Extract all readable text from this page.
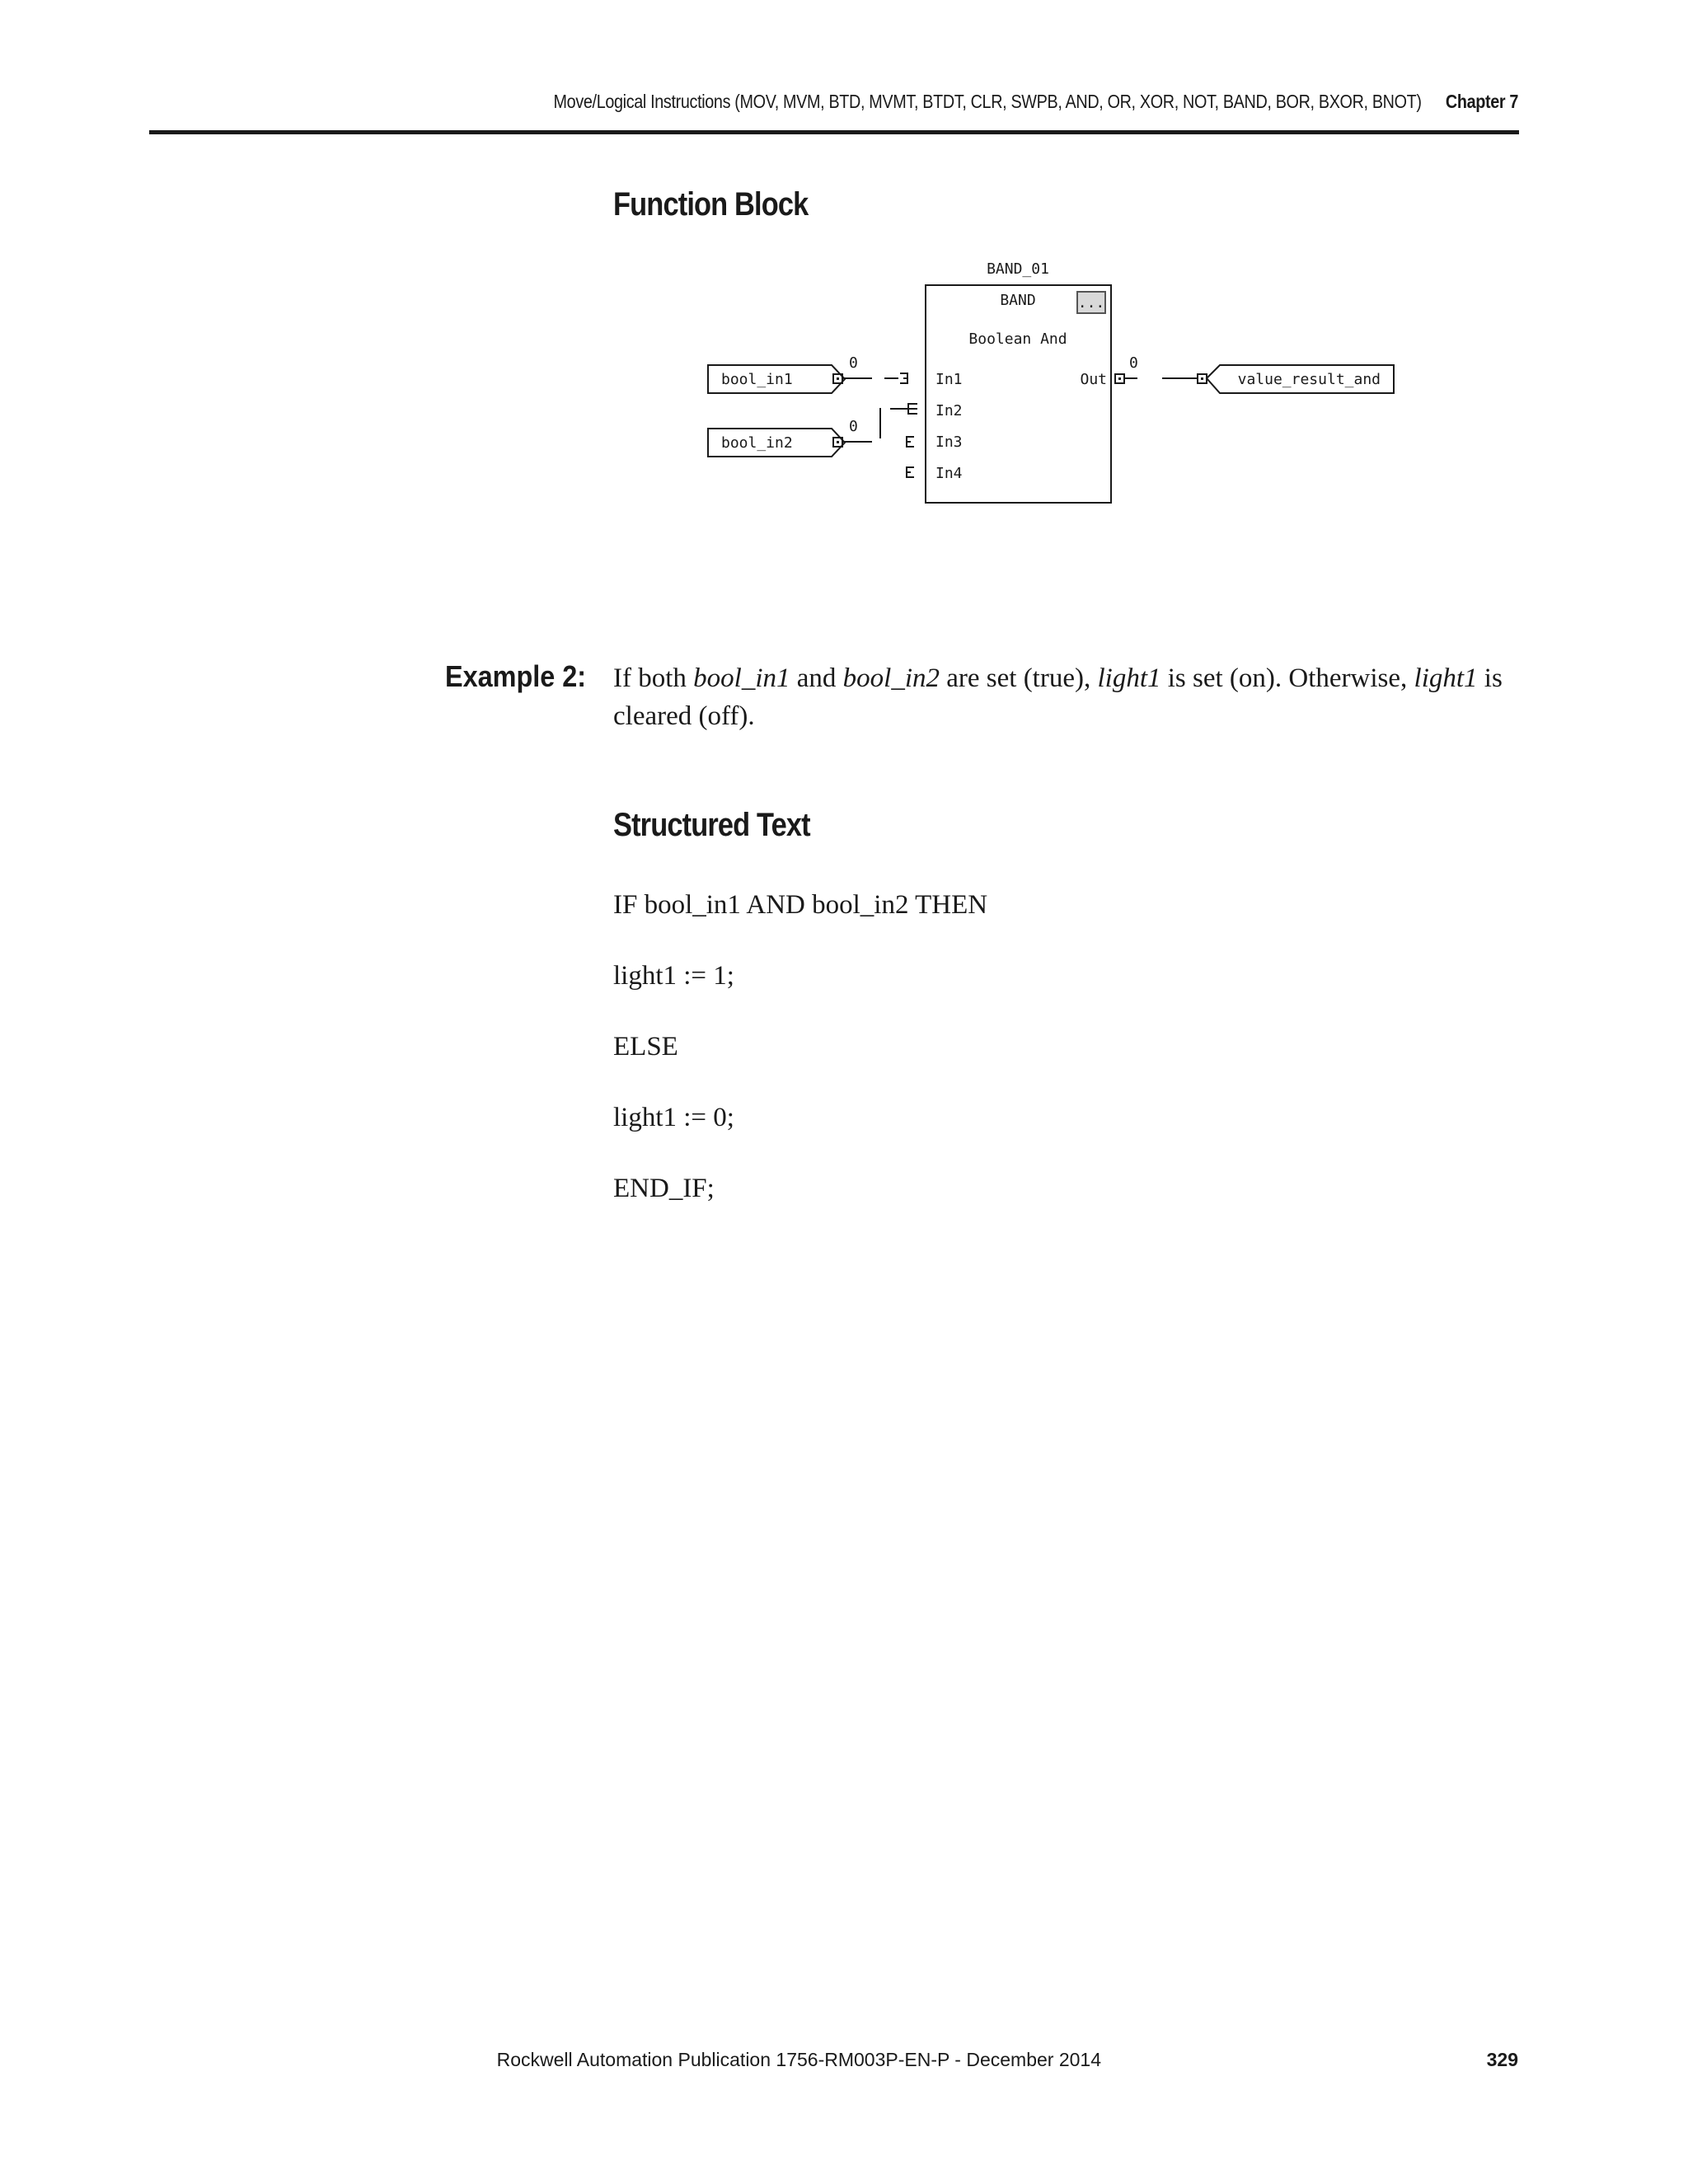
Move/Logical Instructions (MOV, MVM, BTD, MVMT, BTDT, CLR, SWPB, AND, OR, XOR, NOT, BAND, BOR, BXOR, BNOT) Chapter 7
Function Block
BAND_01
BAND	...
Boolean And
bool_in1
bool_in2
0
0
In1
In2
In3
In4
Out
0
value_result_and
Example 2: If both bool_in1 and bool_in2 are set (true), light1 is set (on). Otherwise, light1 is cleared (off).
Structured Text
IF bool_in1 AND bool_in2 THEN
light1 := 1;
ELSE
light1 := 0;
END_IF;
Rockwell Automation Publication 1756-RM003P-EN-P - December 2014	329
